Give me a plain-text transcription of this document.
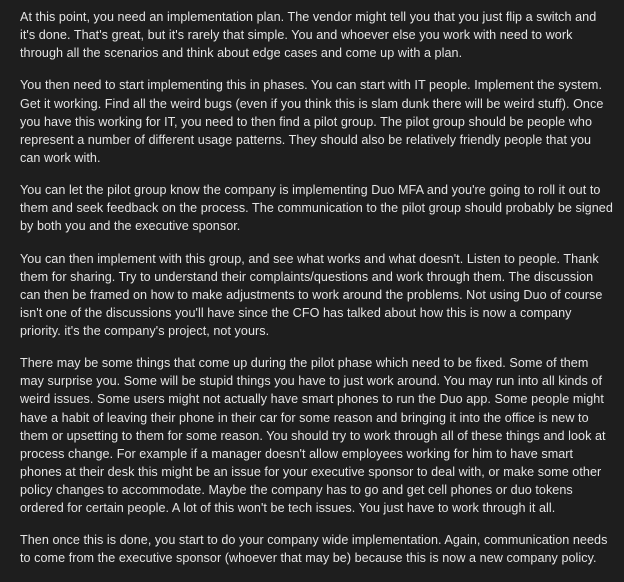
At this point, you need an implementation plan. The vendor might tell you that you just flip a switch and it's done. That's great, but it's rarely that simple. You and whoever else you work with need to work through all the scenarios and think about edge cases and come up with a plan.

You then need to start implementing this in phases. You can start with IT people. Implement the system. Get it working. Find all the weird bugs (even if you think this is slam dunk there will be weird stuff). Once you have this working for IT, you need to then find a pilot group. The pilot group should be people who represent a number of different usage patterns. They should also be relatively friendly people that you can work with.

You can let the pilot group know the company is implementing Duo MFA and you're going to roll it out to them and seek feedback on the process. The communication to the pilot group should probably be signed by both you and the executive sponsor.

You can then implement with this group, and see what works and what doesn't. Listen to people. Thank them for sharing. Try to understand their complaints/questions and work through them. The discussion can then be framed on how to make adjustments to work around the problems. Not using Duo of course isn't one of the discussions you'll have since the CFO has talked about how this is now a company priority. it's the company's project, not yours.

There may be some things that come up during the pilot phase which need to be fixed. Some of them may surprise you. Some will be stupid things you have to just work around. You may run into all kinds of weird issues. Some users might not actually have smart phones to run the Duo app. Some people might have a habit of leaving their phone in their car for some reason and bringing it into the office is new to them or upsetting to them for some reason. You should try to work through all of these things and look at process change. For example if a manager doesn't allow employees working for him to have smart phones at their desk this might be an issue for your executive sponsor to deal with, or make some other policy changes to accommodate. Maybe the company has to go and get cell phones or duo tokens ordered for certain people. A lot of this won't be tech issues. You just have to work through it all.

Then once this is done, you start to do your company wide implementation. Again, communication needs to come from the executive sponsor (whoever that may be) because this is now a new company policy.
